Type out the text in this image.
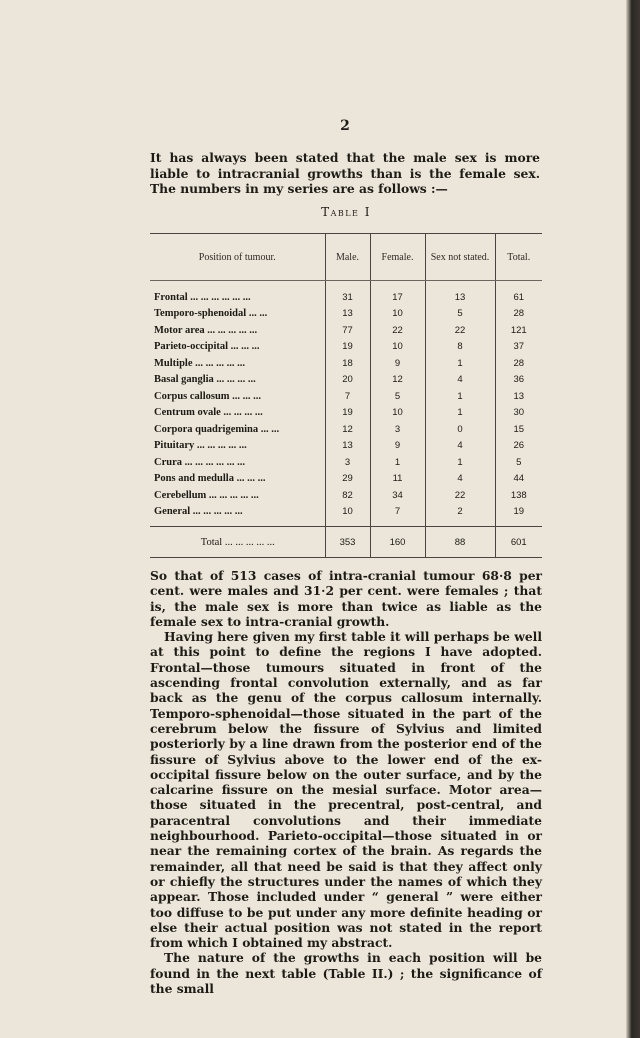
2

It has always been stated that the male sex is more liable to intracranial growths than is the female sex. The numbers in my series are as follows :—

Table I
Position of tumour.	Male.	Female.	Sex not stated.	Total.
Frontal ... ... ... ... ... ...	31	17	13	61
Temporo-sphenoidal ... ...	13	10	5	28
Motor area ... ... ... ... ...	77	22	22	121
Parieto-occipital ... ... ...	19	10	8	37
Multiple ... ... ... ... ...	18	9	1	28
Basal ganglia ... ... ... ...	20	12	4	36
Corpus callosum ... ... ...	7	5	1	13
Centrum ovale ... ... ... ...	19	10	1	30
Corpora quadrigemina ... ...	12	3	0	15
Pituitary ... ... ... ... ...	13	9	4	26
Crura ... ... ... ... ... ...	3	1	1	5
Pons and medulla ... ... ...	29	11	4	44
Cerebellum ... ... ... ... ...	82	34	22	138
General ... ... ... ... ...	10	7	2	19
Total ... ... ... ... ...	353	160	88	601

So that of 513 cases of intra-cranial tumour 68·8 per cent. were males and 31·2 per cent. were females ; that is, the male sex is more than twice as liable as the female sex to intra-cranial growth.

Having here given my first table it will perhaps be well at this point to define the regions I have adopted. Frontal—those tumours situated in front of the ascending frontal convolution externally, and as far back as the genu of the corpus callosum internally. Temporo-sphenoidal—those situated in the part of the cerebrum below the fissure of Sylvius and limited posteriorly by a line drawn from the posterior end of the fissure of Sylvius above to the lower end of the ex-occipital fissure below on the outer surface, and by the calcarine fissure on the mesial surface. Motor area—those situated in the precentral, post-central, and paracentral convolutions and their immediate neighbourhood. Parieto-occipital—those situated in or near the remaining cortex of the brain. As regards the remainder, all that need be said is that they affect only or chiefly the structures under the names of which they appear. Those included under “ general ” were either too diffuse to be put under any more definite heading or else their actual position was not stated in the report from which I obtained my abstract.

The nature of the growths in each position will be found in the next table (Table II.) ; the significance of the small
